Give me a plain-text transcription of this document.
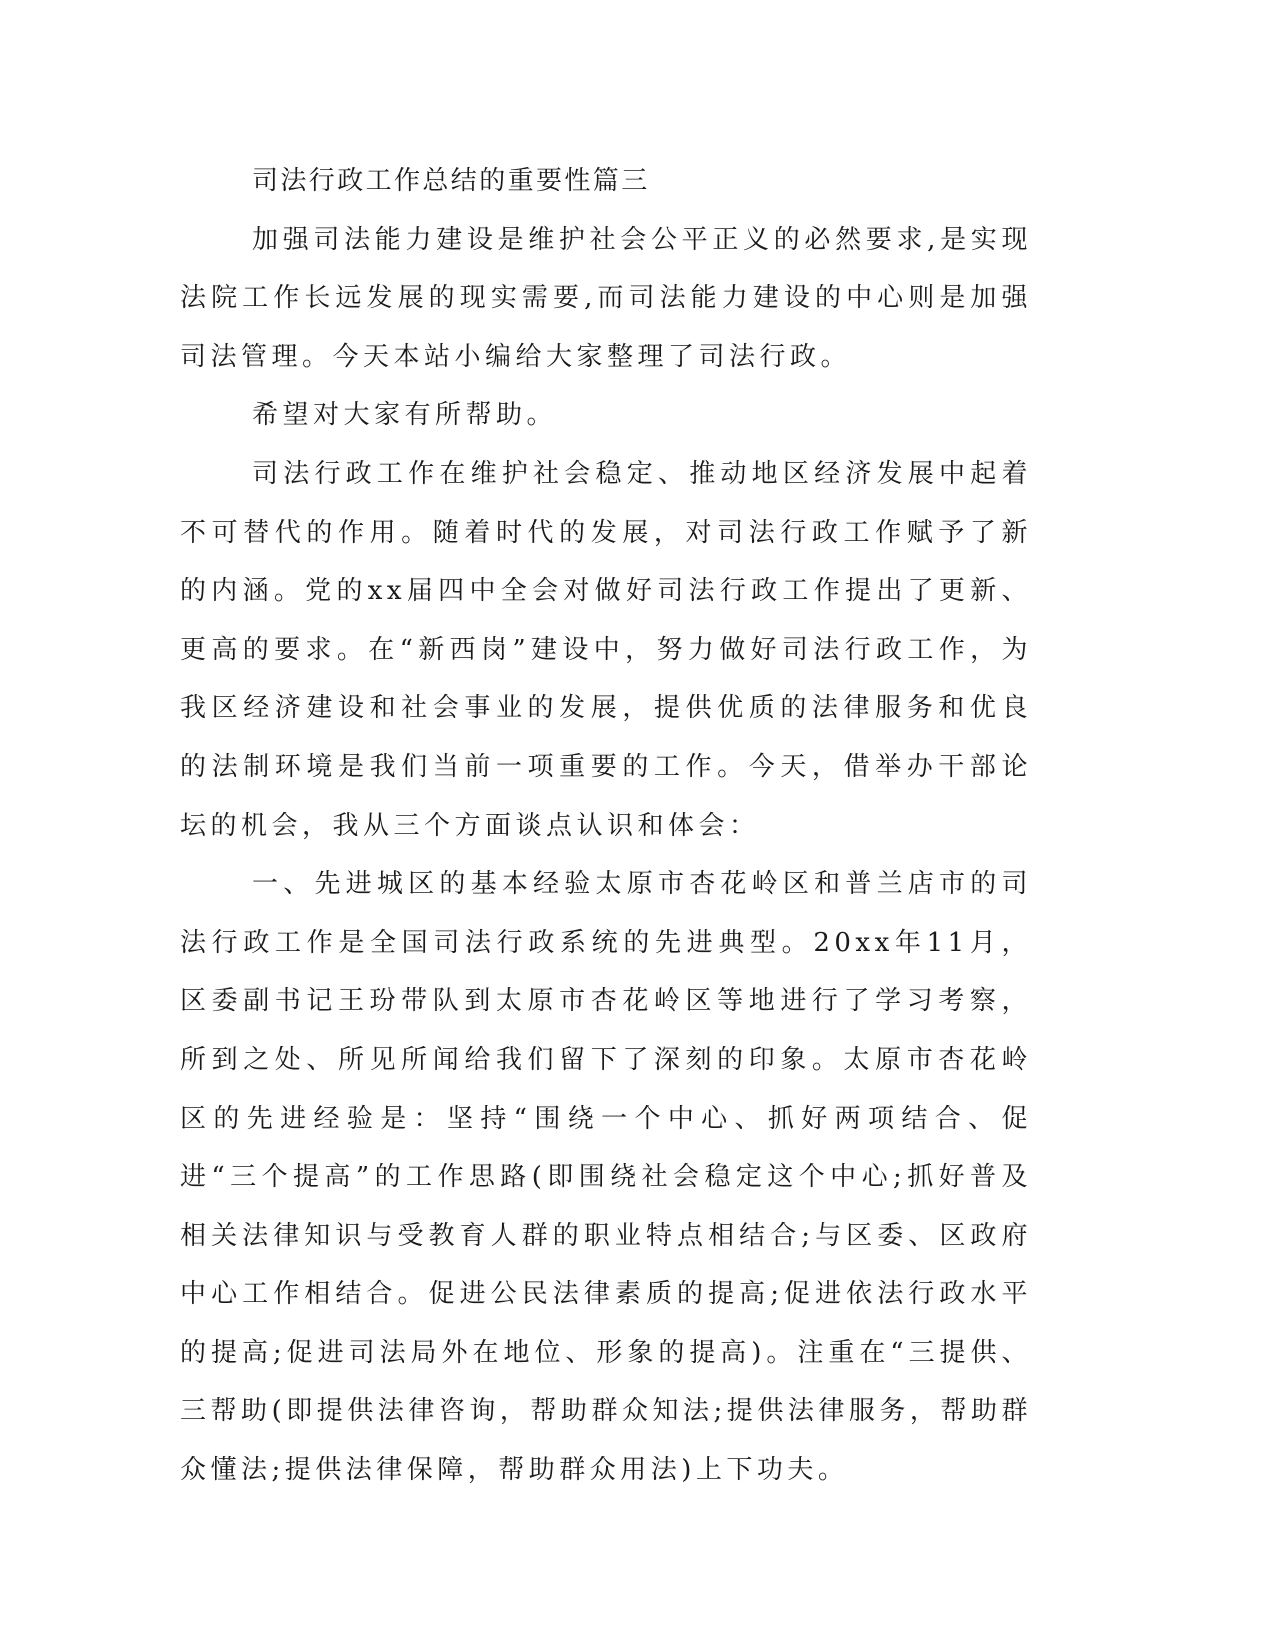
司法行政工作总结的重要性篇三

加强司法能力建设是维护社会公平正义的必然要求,是实现法院工作长远发展的现实需要,而司法能力建设的中心则是加强司法管理。今天本站小编给大家整理了司法行政。

希望对大家有所帮助。

司法行政工作在维护社会稳定、推动地区经济发展中起着不可替代的作用。随着时代的发展，对司法行政工作赋予了新的内涵。党的xx届四中全会对做好司法行政工作提出了更新、更高的要求。在“新西岗”建设中，努力做好司法行政工作，为我区经济建设和社会事业的发展，提供优质的法律服务和优良的法制环境是我们当前一项重要的工作。今天，借举办干部论坛的机会，我从三个方面谈点认识和体会：

一、先进城区的基本经验太原市杏花岭区和普兰店市的司法行政工作是全国司法行政系统的先进典型。20xx年11月，区委副书记王玢带队到太原市杏花岭区等地进行了学习考察，所到之处、所见所闻给我们留下了深刻的印象。太原市杏花岭区的先进经验是：坚持“围绕一个中心、抓好两项结合、促进“三个提高”的工作思路(即围绕社会稳定这个中心;抓好普及相关法律知识与受教育人群的职业特点相结合;与区委、区政府中心工作相结合。促进公民法律素质的提高;促进依法行政水平的提高;促进司法局外在地位、形象的提高)。注重在“三提供、三帮助(即提供法律咨询，帮助群众知法;提供法律服务，帮助群众懂法;提供法律保障，帮助群众用法)上下功夫。
